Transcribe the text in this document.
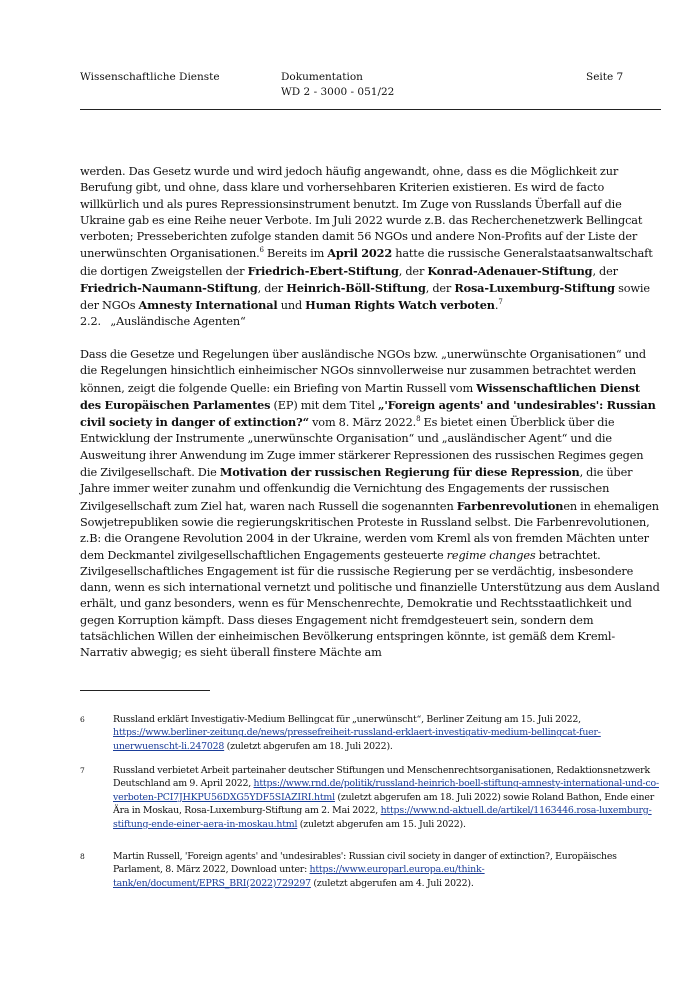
Wissenschaftliche Dienste	Dokumentation
WD 2 - 3000 - 051/22
Seite 7
werden. Das Gesetz wurde und wird jedoch häufig angewandt, ohne, dass es die Möglichkeit zur Berufung gibt, und ohne, dass klare und vorhersehbaren Kriterien existieren. Es wird de facto willkürlich und als pures Repressionsinstrument benutzt. Im Zuge von Russlands Überfall auf die Ukraine gab es eine Reihe neuer Verbote. Im Juli 2022 wurde z.B. das Recherchenetzwerk Bellingcat verboten; Presseberichten zufolge standen damit 56 NGOs und andere Non-Profits auf der Liste der unerwünschten Organisationen.$^6$ Bereits im April 2022 hatte die russische Generalstaatsanwaltschaft die dortigen Zweigstellen der Friedrich-Ebert-Stiftung, der Konrad-Adenauer-Stiftung, der Friedrich-Naumann-Stiftung, der Heinrich-Böll-Stiftung, der Rosa-Luxemburg-Stiftung sowie der NGOs Amnesty International und Human Rights Watch verboten.$^7$
2.2.   „Ausländische Agenten“
Dass die Gesetze und Regelungen über ausländische NGOs bzw. „unerwünschte Organisationen“ und die Regelungen hinsichtlich einheimischer NGOs sinnvollerweise nur zusammen betrachtet werden können, zeigt die folgende Quelle: ein Briefing von Martin Russell vom Wissenschaftlichen Dienst des Europäischen Parlamentes (EP) mit dem Titel „'Foreign agents' and 'undesirables': Russian civil society in danger of extinction?“ vom 8. März 2022.$^8$ Es bietet einen Überblick über die Entwicklung der Instrumente „unerwünschte Organisation“ und „ausländischer Agent“ und die Ausweitung ihrer Anwendung im Zuge immer stärkerer Repressionen des russischen Regimes gegen die Zivilgesellschaft. Die Motivation der russischen Regierung für diese Repression, die über Jahre immer weiter zunahm und offenkundig die Vernichtung des Engagements der russischen Zivilgesellschaft zum Ziel hat, waren nach Russell die sogenannten Farbenrevolutionen in ehemaligen Sowjetrepubliken sowie die regierungskritischen Proteste in Russland selbst. Die Farbenrevolutionen, z.B: die Orangene Revolution 2004 in der Ukraine, werden vom Kreml als von fremden Mächten unter dem Deckmantel zivilgesellschaftlichen Engagements gesteuerte regime changes betrachtet. Zivilgesellschaftliches Engagement ist für die russische Regierung per se verdächtig, insbesondere dann, wenn es sich international vernetzt und politische und finanzielle Unterstützung aus dem Ausland erhält, und ganz besonders, wenn es für Menschenrechte, Demokratie und Rechtsstaatlichkeit und gegen Korruption kämpft. Dass dieses Engagement nicht fremdgesteuert sein, sondern dem tatsächlichen Willen der einheimischen Bevölkerung entspringen könnte, ist gemäß dem Kreml-Narrativ abwegig; es sieht überall finstere Mächte am
6	Russland erklärt Investigativ-Medium Bellingcat für „unerwünscht“, Berliner Zeitung am 15. Juli 2022, https://www.berliner-zeitung.de/news/pressefreiheit-russland-erklaert-investigativ-medium-bellingcat-fuer-unerwuenscht-li.247028 (zuletzt abgerufen am 18. Juli 2022).
7	Russland verbietet Arbeit parteinaher deutscher Stiftungen und Menschenrechtsorganisationen, Redaktionsnetzwerk Deutschland am 9. April 2022, https://www.rnd.de/politik/russland-heinrich-boell-stiftung-amnesty-international-und-co-verboten-PCI7JHKPU56DXG5YDF5SIAZIRI.html (zuletzt abgerufen am 18. Juli 2022) sowie Roland Bathon, Ende einer Ära in Moskau, Rosa-Luxemburg-Stiftung am 2. Mai 2022, https://www.nd-aktuell.de/artikel/1163446.rosa-luxemburg-stiftung-ende-einer-aera-in-moskau.html (zuletzt abgerufen am 15. Juli 2022).
8	Martin Russell, 'Foreign agents' and 'undesirables': Russian civil society in danger of extinction?, Europäisches Parlament, 8. März 2022, Download unter: https://www.europarl.europa.eu/thinktank/en/document/EPRS_BRI(2022)729297 (zuletzt abgerufen am 4. Juli 2022).
